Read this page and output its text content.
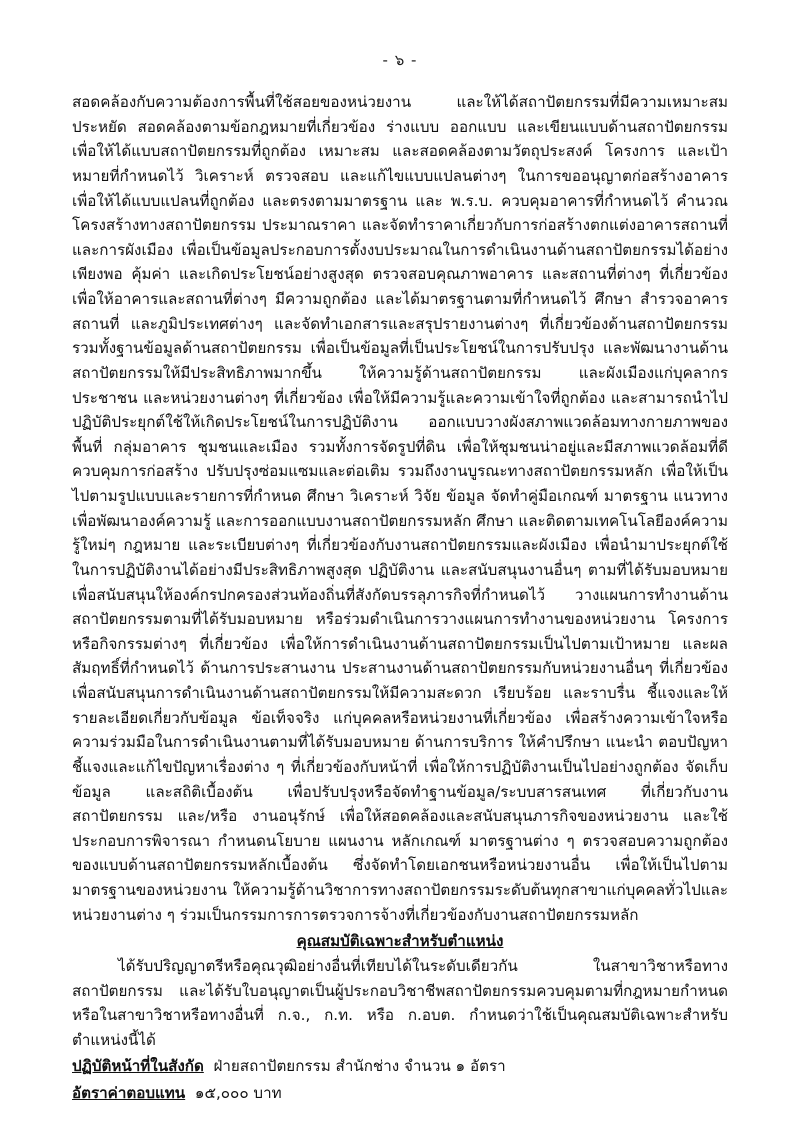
- ๖ -

สอดคล้องกับความต้องการพื้นที่ใช้สอยของหน่วยงาน และให้ได้สถาปัตยกรรมที่มีความเหมาะสม ประหยัด สอดคล้องตามข้อกฎหมายที่เกี่ยวข้อง ร่างแบบ ออกแบบ และเขียนแบบด้านสถาปัตยกรรม เพื่อให้ได้แบบสถาปัตยกรรมที่ถูกต้อง เหมาะสม และสอดคล้องตามวัตถุประสงค์ โครงการ และเป้าหมายที่กำหนดไว้ วิเคราะห์ ตรวจสอบ และแก้ไขแบบแปลนต่างๆ ในการขออนุญาตก่อสร้างอาคาร เพื่อให้ได้แบบแปลนที่ถูกต้อง และตรงตามมาตรฐาน และ พ.ร.บ. ควบคุมอาคารที่กำหนดไว้ คำนวณโครงสร้างทางสถาปัตยกรรม ประมาณราคา และจัดทำราคาเกี่ยวกับการก่อสร้างตกแต่งอาคารสถานที่ และการผังเมือง เพื่อเป็นข้อมูลประกอบการตั้งงบประมาณในการดำเนินงานด้านสถาปัตยกรรมได้อย่างเพียงพอ คุ้มค่า และเกิดประโยชน์อย่างสูงสุด ตรวจสอบคุณภาพอาคาร และสถานที่ต่างๆ ที่เกี่ยวข้อง เพื่อให้อาคารและสถานที่ต่างๆ มีความถูกต้อง และได้มาตรฐานตามที่กำหนดไว้ ศึกษา สำรวจอาคาร สถานที่ และภูมิประเทศต่างๆ และจัดทำเอกสารและสรุปรายงานต่างๆ ที่เกี่ยวข้องด้านสถาปัตยกรรม รวมทั้งฐานข้อมูลด้านสถาปัตยกรรม เพื่อเป็นข้อมูลที่เป็นประโยชน์ในการปรับปรุง และพัฒนางานด้านสถาปัตยกรรมให้มีประสิทธิภาพมากขึ้น ให้ความรู้ด้านสถาปัตยกรรม และผังเมืองแก่บุคลากร ประชาชน และหน่วยงานต่างๆ ที่เกี่ยวข้อง เพื่อให้มีความรู้และความเข้าใจที่ถูกต้อง และสามารถนำไปปฏิบัติประยุกต์ใช้ให้เกิดประโยชน์ในการปฏิบัติงาน ออกแบบวางผังสภาพแวดล้อมทางกายภาพของพื้นที่ กลุ่มอาคาร ชุมชนและเมือง รวมทั้งการจัดรูปที่ดิน เพื่อให้ชุมชนน่าอยู่และมีสภาพแวดล้อมที่ดี ควบคุมการก่อสร้าง ปรับปรุงซ่อมแซมและต่อเติม รวมถึงงานบูรณะทางสถาปัตยกรรมหลัก เพื่อให้เป็นไปตามรูปแบบและรายการที่กำหนด ศึกษา วิเคราะห์ วิจัย ข้อมูล จัดทำคู่มือเกณฑ์ มาตรฐาน แนวทาง เพื่อพัฒนาองค์ความรู้ และการออกแบบงานสถาปัตยกรรมหลัก ศึกษา และติดตามเทคโนโลยีองค์ความรู้ใหม่ๆ กฎหมาย และระเบียบต่างๆ ที่เกี่ยวข้องกับงานสถาปัตยกรรมและผังเมือง เพื่อนำมาประยุกต์ใช้ในการปฏิบัติงานได้อย่างมีประสิทธิภาพสูงสุด ปฏิบัติงาน และสนับสนุนงานอื่นๆ ตามที่ได้รับมอบหมาย เพื่อสนับสนุนให้องค์กรปกครองส่วนท้องถิ่นที่สังกัดบรรลุภารกิจที่กำหนดไว้ วางแผนการทำงานด้านสถาปัตยกรรมตามที่ได้รับมอบหมาย หรือร่วมดำเนินการวางแผนการทำงานของหน่วยงาน โครงการ หรือกิจกรรมต่างๆ ที่เกี่ยวข้อง เพื่อให้การดำเนินงานด้านสถาปัตยกรรมเป็นไปตามเป้าหมาย และผลสัมฤทธิ์ที่กำหนดไว้ ด้านการประสานงาน ประสานงานด้านสถาปัตยกรรมกับหน่วยงานอื่นๆ ที่เกี่ยวข้อง เพื่อสนับสนุนการดำเนินงานด้านสถาปัตยกรรมให้มีความสะดวก เรียบร้อย และราบรื่น ชี้แจงและให้รายละเอียดเกี่ยวกับข้อมูล ข้อเท็จจริง แก่บุคคลหรือหน่วยงานที่เกี่ยวข้อง เพื่อสร้างความเข้าใจหรือความร่วมมือในการดำเนินงานตามที่ได้รับมอบหมาย ด้านการบริการ ให้คำปรึกษา แนะนำ ตอบปัญหาชี้แจงและแก้ไขปัญหาเรื่องต่าง ๆ ที่เกี่ยวข้องกับหน้าที่ เพื่อให้การปฏิบัติงานเป็นไปอย่างถูกต้อง จัดเก็บข้อมูล และสถิติเบื้องต้น เพื่อปรับปรุงหรือจัดทำฐานข้อมูล/ระบบสารสนเทศ ที่เกี่ยวกับงานสถาปัตยกรรม และ/หรือ งานอนุรักษ์ เพื่อให้สอดคล้องและสนับสนุนภารกิจของหน่วยงาน และใช้ประกอบการพิจารณา กำหนดนโยบาย แผนงาน หลักเกณฑ์ มาตรฐานต่าง ๆ ตรวจสอบความถูกต้องของแบบด้านสถาปัตยกรรมหลักเบื้องต้น ซึ่งจัดทำโดยเอกชนหรือหน่วยงานอื่น เพื่อให้เป็นไปตามมาตรฐานของหน่วยงาน ให้ความรู้ด้านวิชาการทางสถาปัตยกรรมระดับต้นทุกสาขาแก่บุคคลทั่วไปและหน่วยงานต่าง ๆ ร่วมเป็นกรรมการการตรวจการจ้างที่เกี่ยวข้องกับงานสถาปัตยกรรมหลัก

คุณสมบัติเฉพาะสำหรับตำแหน่ง

ได้รับปริญญาตรีหรือคุณวุฒิอย่างอื่นที่เทียบได้ในระดับเดียวกัน ในสาขาวิชาหรือทางสถาปัตยกรรม และได้รับใบอนุญาตเป็นผู้ประกอบวิชาชีพสถาปัตยกรรมควบคุมตามที่กฎหมายกำหนด หรือในสาขาวิชาหรือทางอื่นที่ ก.จ., ก.ท. หรือ ก.อบต. กำหนดว่าใช้เป็นคุณสมบัติเฉพาะสำหรับตำแหน่งนี้ได้

ปฏิบัติหน้าที่ในสังกัด ฝ่ายสถาปัตยกรรม สำนักช่าง จำนวน ๑ อัตรา
อัตราค่าตอบแทน ๑๕,๐๐๐ บาท
